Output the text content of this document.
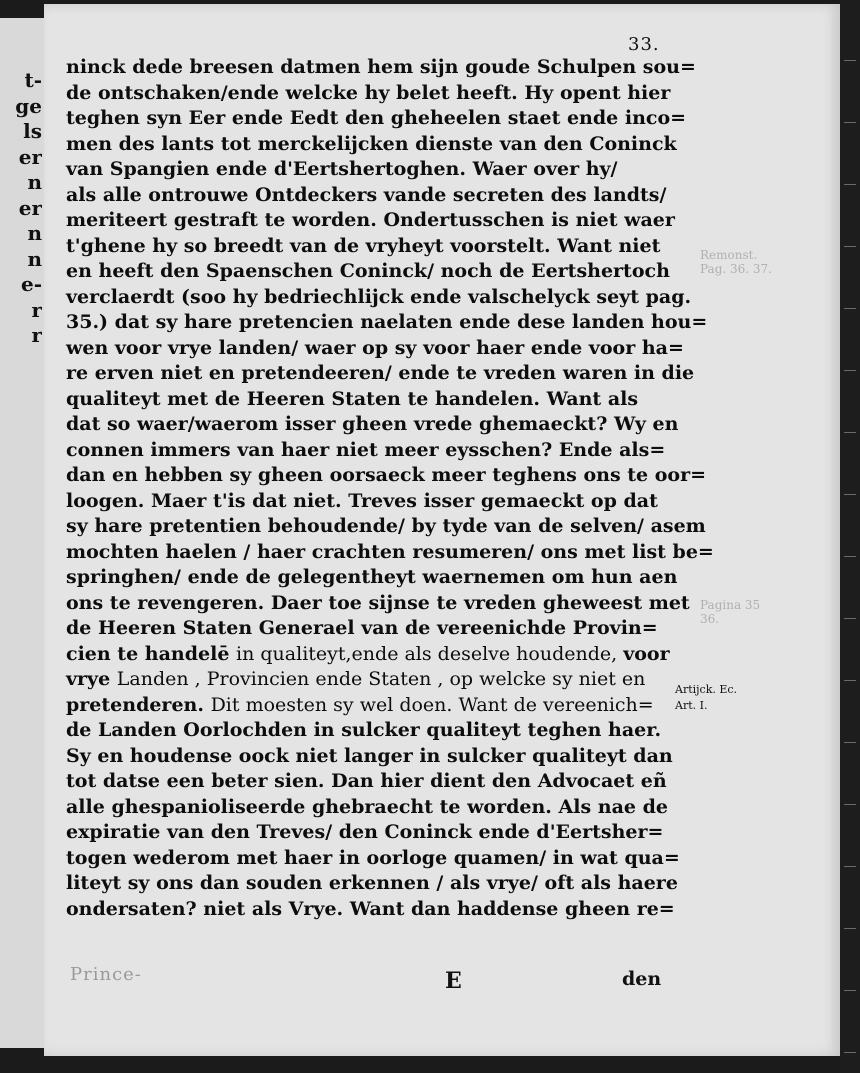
t-
ge
ls
er
n
er
n
n
e-
r
r
33.
Remonst.
Pag. 36. 37.
Pagina 35
36.
ninck dede breesen datmen hem sijn goude Schulpen sou=
de ontschaken/ende welcke hy belet heeft. Hy opent hier
teghen syn Eer ende Eedt den gheheelen staet ende inco=
men des lants tot merckelijcken dienste van den Coninck
van Spangien ende d'Eertshertoghen. Waer over hy/
als alle ontrouwe Ontdeckers vande secreten des landts/
meriteert gestraft te worden. Ondertusschen is niet waer
t'ghene hy so breedt van de vryheyt voorstelt. Want niet
en heeft den Spaenschen Coninck/ noch de Eertshertoch
verclaerdt (soo hy bedriechlijck ende valschelyck seyt pag.
35.) dat sy hare pretencien naelaten ende dese landen hou=
wen voor vrye landen/ waer op sy voor haer ende voor ha=
re erven niet en pretendeeren/ ende te vreden waren in die
qualiteyt met de Heeren Staten te handelen. Want als
dat so waer/waerom isser gheen vrede ghemaeckt? Wy en
connen immers van haer niet meer eysschen? Ende als=
dan en hebben sy gheen oorsaeck meer teghens ons te oor=
loogen. Maer t'is dat niet. Treves isser gemaeckt op dat
sy hare pretentien behoudende/ by tyde van de selven/ asem
mochten haelen / haer crachten resumeren/ ons met list be=
springhen/ ende de gelegentheyt waernemen om hun aen
ons te revengeren. Daer toe sijnse te vreden gheweest met
de Heeren Staten Generael van de vereenichde Provin=
cien te handelē in qualiteyt,ende als deselve houdende, voor
vrye Landen , Provincien ende Staten , op welcke sy niet en
pretenderen. Dit moesten sy wel doen. Want de vereenich=
de Landen Oorlochden in sulcker qualiteyt teghen haer.
Sy en houdense oock niet langer in sulcker qualiteyt dan
tot datse een beter sien. Dan hier dient den Advocaet eñ
alle ghespanioliseerde ghebraecht te worden. Als nae de
expiratie van den Treves/ den Coninck ende d'Eertsher=
togen wederom met haer in oorloge quamen/ in wat qua=
liteyt sy ons dan souden erkennen / als vrye/ oft als haere
ondersaten? niet als Vrye. Want dan haddense gheen re=
Artijck. Ec.
Art. I.
Prince-	E	den
